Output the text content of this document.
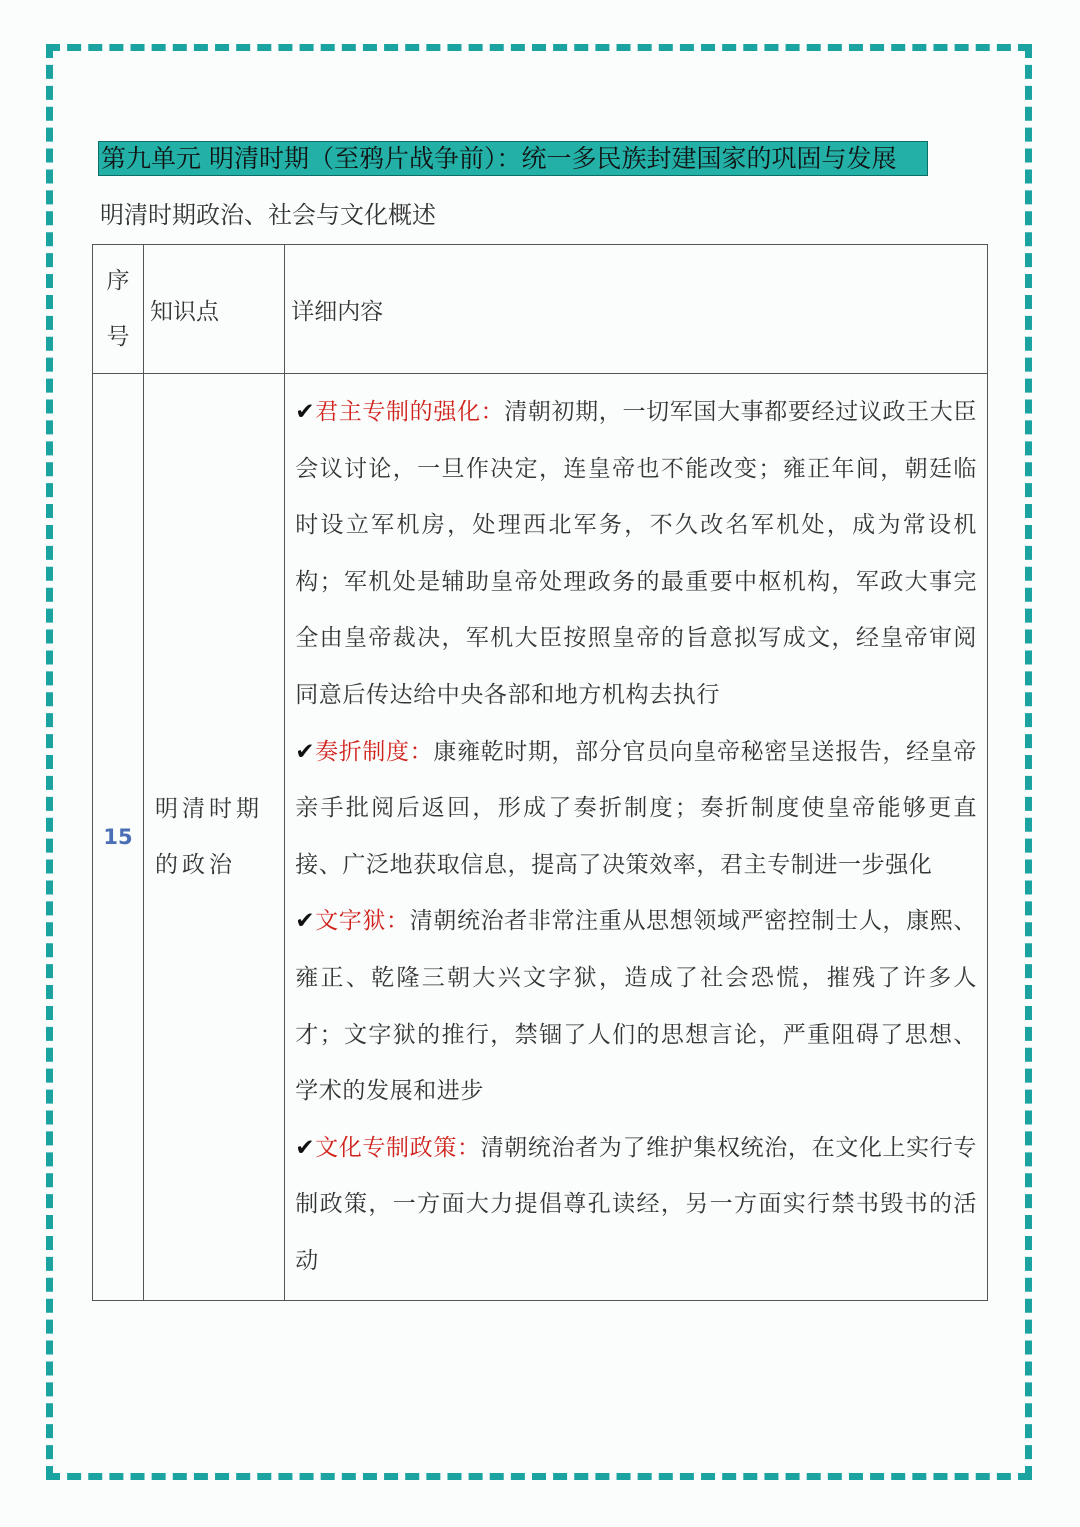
第九单元 明清时期（至鸦片战争前）：统一多民族封建国家的巩固与发展
明清时期政治、社会与文化概述
序
号	知识点	详细内容
15	明清时期的政治	✔君主专制的强化：清朝初期，一切军国大事都要经过议政王大臣会议讨论，一旦作决定，连皇帝也不能改变；雍正年间，朝廷临时设立军机房，处理西北军务，不久改名军机处，成为常设机构；军机处是辅助皇帝处理政务的最重要中枢机构，军政大事完全由皇帝裁决，军机大臣按照皇帝的旨意拟写成文，经皇帝审阅同意后传达给中央各部和地方机构去执行

✔奏折制度：康雍乾时期，部分官员向皇帝秘密呈送报告，经皇帝亲手批阅后返回，形成了奏折制度；奏折制度使皇帝能够更直接、广泛地获取信息，提高了决策效率，君主专制进一步强化

✔文字狱：清朝统治者非常注重从思想领域严密控制士人，康熙、雍正、乾隆三朝大兴文字狱，造成了社会恐慌，摧残了许多人才；文字狱的推行，禁锢了人们的思想言论，严重阻碍了思想、学术的发展和进步

✔文化专制政策：清朝统治者为了维护集权统治，在文化上实行专制政策，一方面大力提倡尊孔读经，另一方面实行禁书毁书的活动
